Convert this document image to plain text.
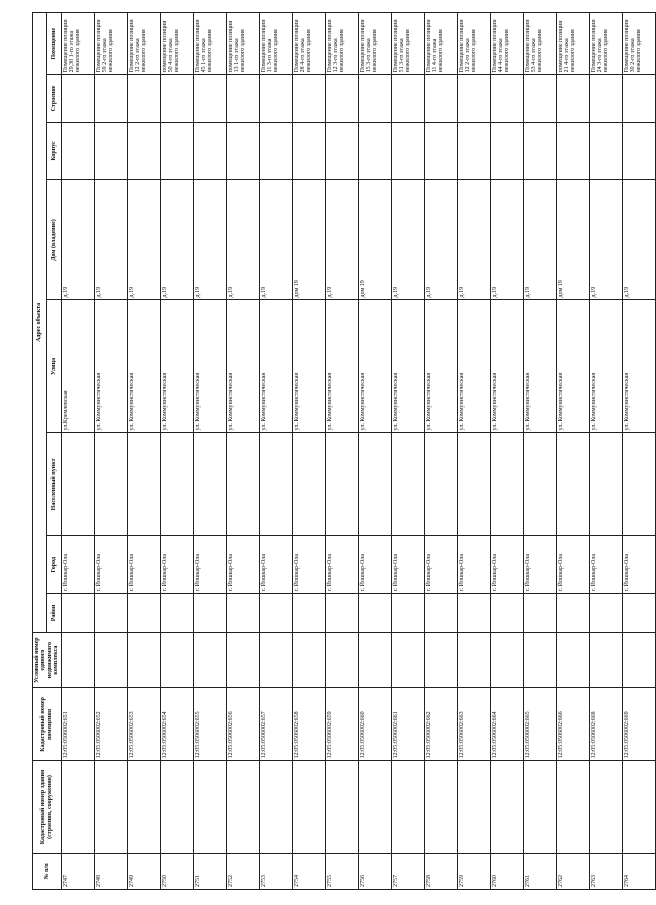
№ п/п	Кадастровый номер здания (строения, сооружения)	Кадастровый номер помещения	Условный номер единого недвижимого комплекса	Адрес объекта							
				Район	Город	Населенный пункт	Улица	Дом (владение)	Корпус	Строение	Помещение
2747		12:05:0506002:651			г. Йошкар-Ола		ул.Кремлевская	д.19			Помещение позиции 29,30 1-го этажа нежилого здания
2748		12:05:0506002:652			г. Йошкар-Ола		ул. Коммунистическая	д.19			Помещение позиции 59 2-го этажа нежилого здания
2749		12:05:0506002:653			г. Йошкар-Ола		ул. Коммунистическая	д.19			Помещение позиции 12 2-го этажа нежилого здания
2750		12:05:0506002:654			г. Йошкар-Ола		ул. Коммунистическая	д.19			помещение позиции 50 4-го этажа нежилого здания
2751		12:05:0506002:655			г. Йошкар-Ола		ул. Коммунистическая	д.19			Помещение позиции 45 1-го этажа нежилого здания
2752		12:05:0506002:656			г. Йошкар-Ола		ул. Коммунистическая	д.19			помещение позиции 13 1-го этажа нежилого здания
2753		12:05:0506002:657			г. Йошкар-Ола		ул. Коммунистическая	д.19			Помещение позиции 11 3-го этажа нежилого здания
2754		12:05:0506002:658			г. Йошкар-Ола		ул. Коммунистическая	дом 19			Помещение позиции 28 4-го этажа нежилого здания
2755		12:05:0506002:659			г. Йошкар-Ола		ул. Коммунистическая	д.19			Помещение позиции 12 3-го этажа нежилого здания
2756		12:05:0506002:660			г. Йошкар-Ола		ул. Коммунистическая	дом 19			Помещение позиции 15 3-го этажа нежилого здания
2757		12:05:0506002:661			г. Йошкар-Ола		ул. Коммунистическая	д.19			Помещение позиции 51 3-го этажа нежилого здания
2758		12:05:0506002:662			г. Йошкар-Ола		ул. Коммунистическая	д.19			Помещение позиции 11 4-го этажа нежилого здания
2759		12:05:0506002:663			г. Йошкар-Ола		ул. Коммунистическая	д.19			Помещение позиции 12 2-го этажа нежилого здания
2760		12:05:0506002:664			г. Йошкар-Ола		ул. Коммунистическая	д.19			Помещение позиции 44 4-го этажа нежилого здания
2761		12:05:0506002:665			г. Йошкар-Ола		ул. Коммунистическая	д.19			Помещение позиции 53 4-го этажа нежилого здания
2762		12:05:0506002:666			г. Йошкар-Ола		ул. Коммунистическая	дом 19			помещение позиции 21 4-го этажа нежилого здания
2763		12:05:0506002:668			г. Йошкар-Ола		ул. Коммунистическая	д.19			Помещение позиции 24 3-го этажа нежилого здания
2764		12:05:0506002:669			г. Йошкар-Ола		ул. Коммунистическая	д.19			Помещение позиции 30 2-го этажа нежилого здания
